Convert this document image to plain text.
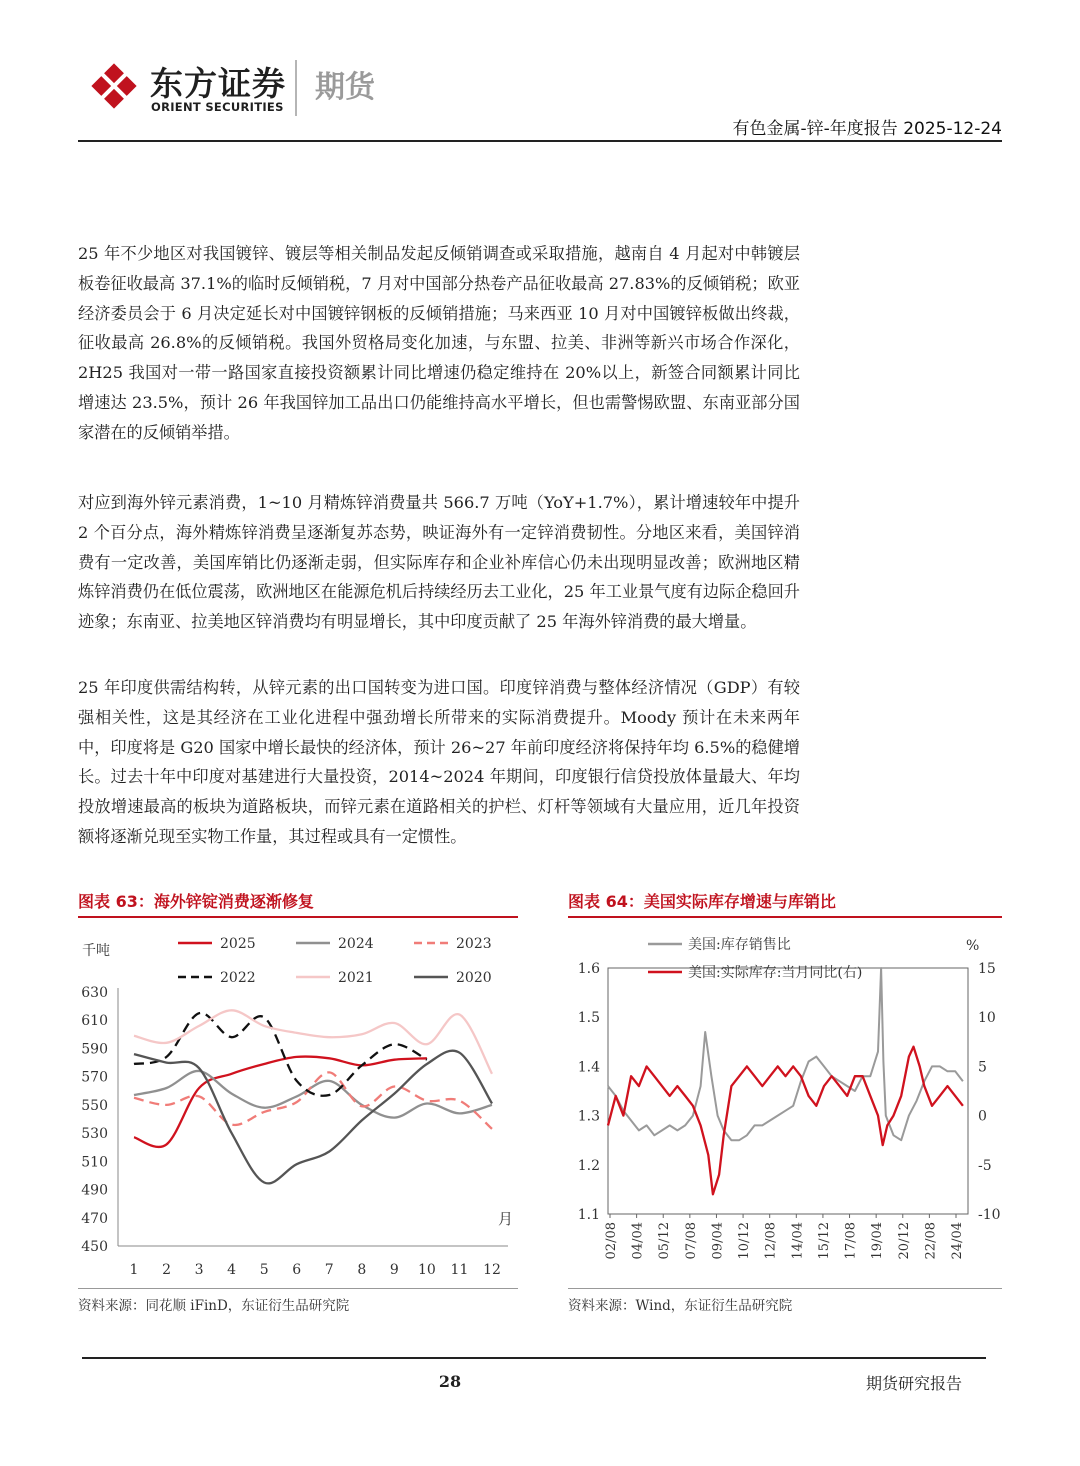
东方证券
ORIENT SECURITIES
期货
有色金属-锌-年度报告 2025-12-24

25 年不少地区对我国镀锌、镀层等相关制品发起反倾销调查或采取措施，越南自 4 月起对中韩镀层板卷征收最高 37.1%的临时反倾销税，7 月对中国部分热卷产品征收最高 27.83%的反倾销税；欧亚经济委员会于 6 月决定延长对中国镀锌钢板的反倾销措施；马来西亚 10 月对中国镀锌板做出终裁，征收最高 26.8%的反倾销税。我国外贸格局变化加速，与东盟、拉美、非洲等新兴市场合作深化，2H25 我国对一带一路国家直接投资额累计同比增速仍稳定维持在 20%以上，新签合同额累计同比增速达 23.5%，预计 26 年我国锌加工品出口仍能维持高水平增长，但也需警惕欧盟、东南亚部分国家潜在的反倾销举措。

对应到海外锌元素消费，1~10 月精炼锌消费量共 566.7 万吨（YoY+1.7%），累计增速较年中提升 2 个百分点，海外精炼锌消费呈逐渐复苏态势，映证海外有一定锌消费韧性。分地区来看，美国锌消费有一定改善，美国库销比仍逐渐走弱，但实际库存和企业补库信心仍未出现明显改善；欧洲地区精炼锌消费仍在低位震荡，欧洲地区在能源危机后持续经历去工业化，25 年工业景气度有边际企稳回升迹象；东南亚、拉美地区锌消费均有明显增长，其中印度贡献了 25 年海外锌消费的最大增量。

25 年印度供需结构转，从锌元素的出口国转变为进口国。印度锌消费与整体经济情况（GDP）有较强相关性，这是其经济在工业化进程中强劲增长所带来的实际消费提升。Moody 预计在未来两年中，印度将是 G20 国家中增长最快的经济体，预计 26~27 年前印度经济将保持年均 6.5%的稳健增长。过去十年中印度对基建进行大量投资，2014~2024 年期间，印度银行信贷投放体量最大、年均投放增速最高的板块为道路板块，而锌元素在道路相关的护栏、灯杆等领域有大量应用，近几年投资额将逐渐兑现至实物工作量，其过程或具有一定惯性。

图表 63：海外锌锭消费逐渐修复
450
470
490
510
530
550
570
590
610
630
1 2 3 4 5 6 7 8 9 10 11 12
千吨
月
2025	2024	2023
2022	2021	2020
资料来源：同花顺 iFinD，东证衍生品研究院
图表 64：美国实际库存增速与库销比
1.1
1.2
1.3
1.4
1.5
1.6
-10
-5
0
5
10
15
%
02/08 04/04 05/12 07/08 09/04 10/12 12/08 14/04 15/12 17/08 19/04 20/12 22/08 24/04
美国:库存销售比
美国:实际库存:当月同比(右)
资料来源：Wind，东证衍生品研究院
28	期货研究报告
